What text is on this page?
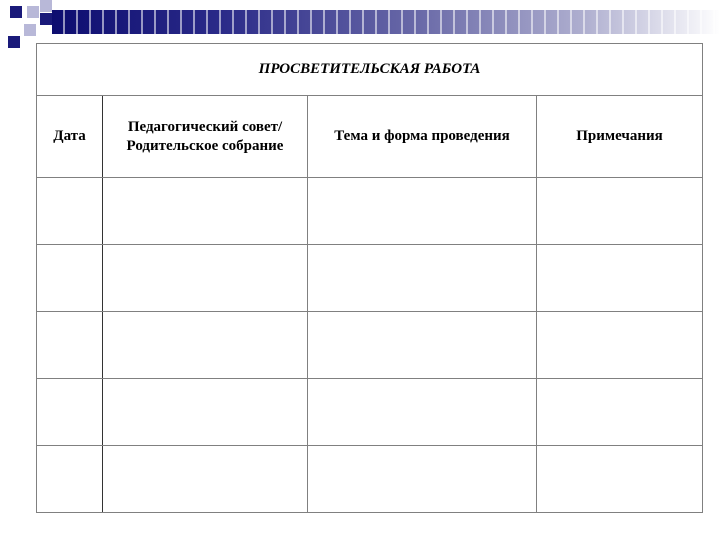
ПРОСВЕТИТЕЛЬСКАЯ РАБОТА			
Дата	Педагогический совет/Родительское собрание	Тема и форма проведения	Примечания
